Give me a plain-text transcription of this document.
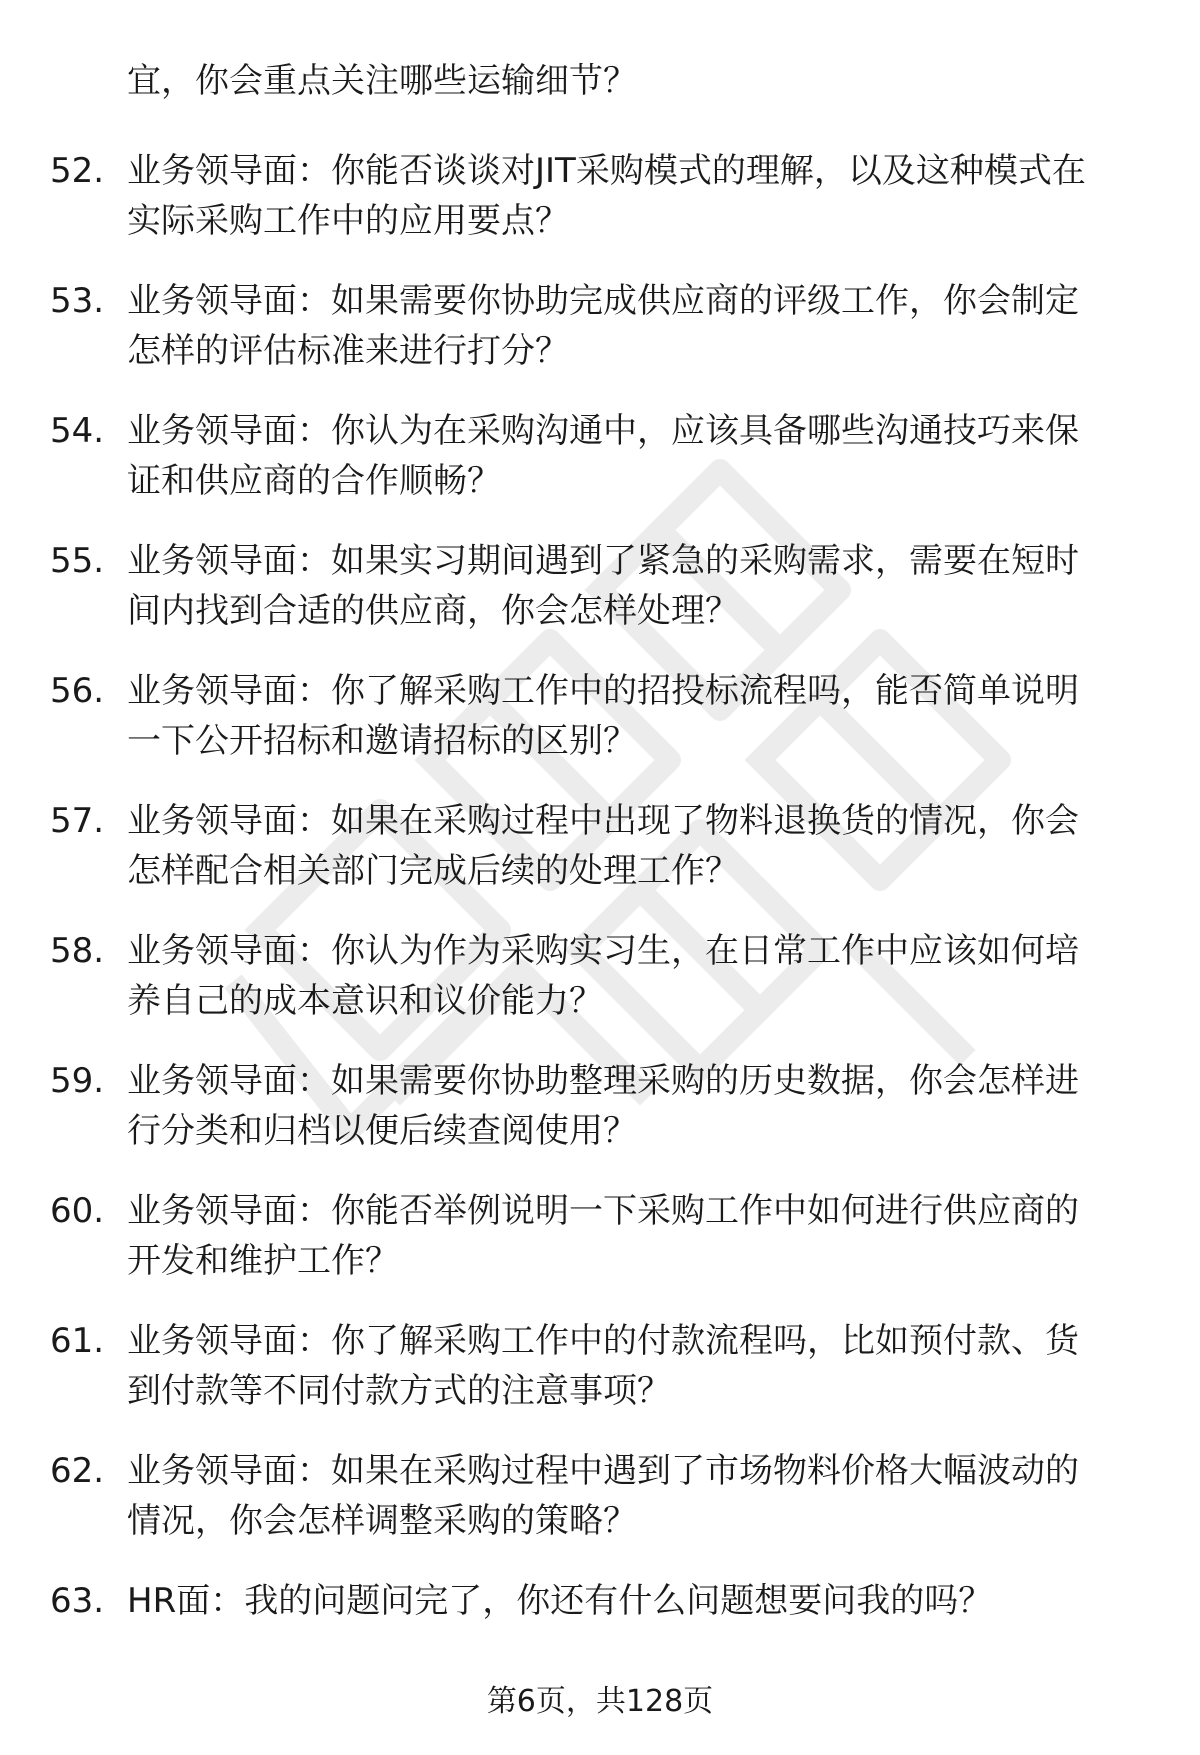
宜，你会重点关注哪些运输细节？
52. 业务领导面：你能否谈谈对JIT采购模式的理解，以及这种模式在
实际采购工作中的应用要点？
53. 业务领导面：如果需要你协助完成供应商的评级工作，你会制定
怎样的评估标准来进行打分？
54. 业务领导面：你认为在采购沟通中，应该具备哪些沟通技巧来保
证和供应商的合作顺畅？
55. 业务领导面：如果实习期间遇到了紧急的采购需求，需要在短时
间内找到合适的供应商，你会怎样处理？
56. 业务领导面：你了解采购工作中的招投标流程吗，能否简单说明
一下公开招标和邀请招标的区别？
57. 业务领导面：如果在采购过程中出现了物料退换货的情况，你会
怎样配合相关部门完成后续的处理工作？
58. 业务领导面：你认为作为采购实习生，在日常工作中应该如何培
养自己的成本意识和议价能力？
59. 业务领导面：如果需要你协助整理采购的历史数据，你会怎样进
行分类和归档以便后续查阅使用？
60. 业务领导面：你能否举例说明一下采购工作中如何进行供应商的
开发和维护工作？
61. 业务领导面：你了解采购工作中的付款流程吗，比如预付款、货
到付款等不同付款方式的注意事项？
62. 业务领导面：如果在采购过程中遇到了市场物料价格大幅波动的
情况，你会怎样调整采购的策略？
63. HR面：我的问题问完了，你还有什么问题想要问我的吗？
第6页，共128页
